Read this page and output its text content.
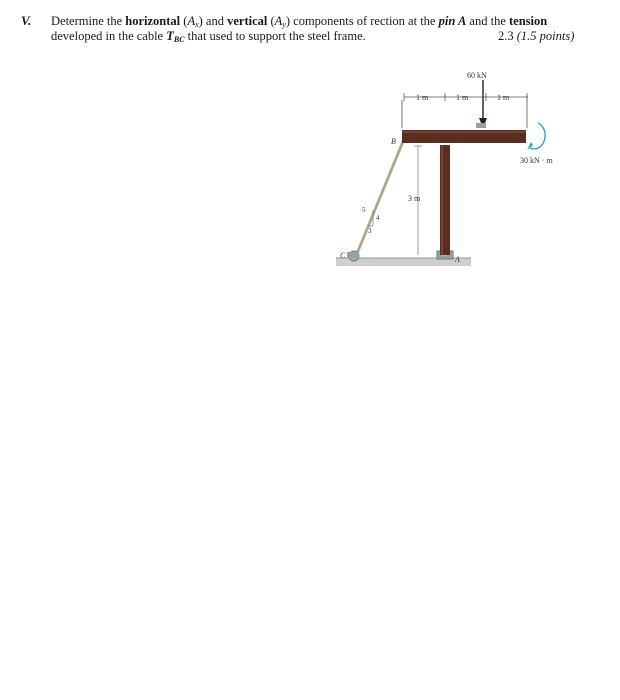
V. Determine the horizontal $(A_x)$ and vertical $(A_y)$ components of rection at the pin A and the tension
developed in the cable $T_{BC}$ that used to support the steel frame.	2.3 (1.5 points)
60 kN
1 m	1 m	1 m
30 kN · m
3 m
B
A
C
5
4
3
